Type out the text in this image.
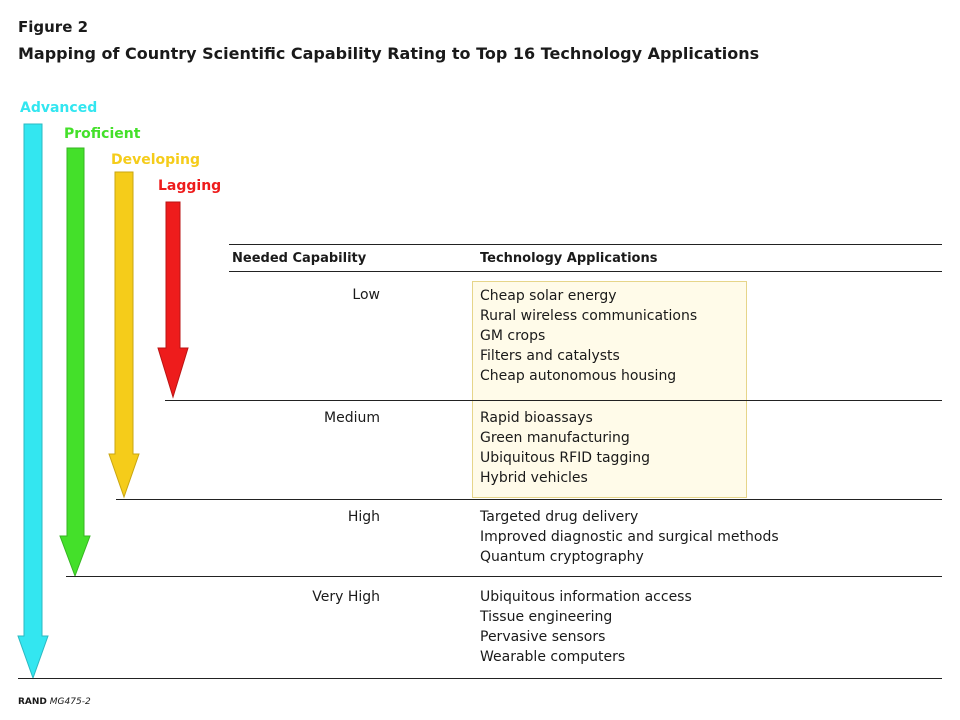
Figure 2
Mapping of Country Scientific Capability Rating to Top 16 Technology Applications
Advanced
Proficient
Developing
Lagging
Needed Capability	Technology Applications
Low	Cheap solar energy
Rural wireless communications
GM crops
Filters and catalysts
Cheap autonomous housing
Medium	Rapid bioassays
Green manufacturing
Ubiquitous RFID tagging
Hybrid vehicles
High	Targeted drug delivery
Improved diagnostic and surgical methods
Quantum cryptography
Very High	Ubiquitous information access
Tissue engineering
Pervasive sensors
Wearable computers
RAND MG475-2
